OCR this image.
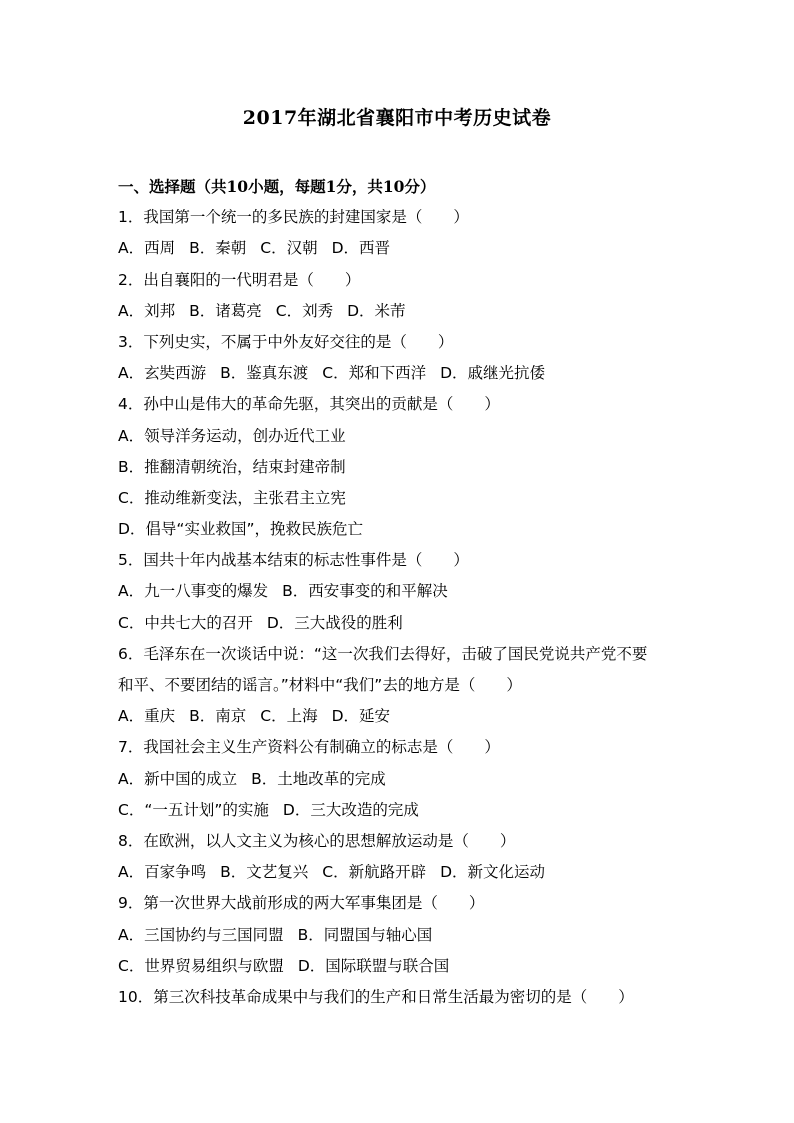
2017年湖北省襄阳市中考历史试卷
一、选择题（共10小题，每题1分，共10分）
1．我国第一个统一的多民族的封建国家是（　　）
A．西周 B．秦朝 C．汉朝 D．西晋
2．出自襄阳的一代明君是（　　）
A．刘邦 B．诸葛亮 C．刘秀 D．米芾
3．下列史实，不属于中外友好交往的是（　　）
A．玄奘西游 B．鉴真东渡 C．郑和下西洋 D．戚继光抗倭
4．孙中山是伟大的革命先驱，其突出的贡献是（　　）
A．领导洋务运动，创办近代工业
B．推翻清朝统治，结束封建帝制
C．推动维新变法，主张君主立宪
D．倡导“实业救国”，挽救民族危亡
5．国共十年内战基本结束的标志性事件是（　　）
A．九一八事变的爆发 B．西安事变的和平解决
C．中共七大的召开 D．三大战役的胜利
6．毛泽东在一次谈话中说：“这一次我们去得好，击破了国民党说共产党不要
和平、不要团结的谣言。”材料中“我们”去的地方是（　　）
A．重庆 B．南京 C．上海 D．延安
7．我国社会主义生产资料公有制确立的标志是（　　）
A．新中国的成立 B．土地改革的完成
C．“一五计划”的实施 D．三大改造的完成
8．在欧洲，以人文主义为核心的思想解放运动是（　　）
A．百家争鸣 B．文艺复兴 C．新航路开辟 D．新文化运动
9．第一次世界大战前形成的两大军事集团是（　　）
A．三国协约与三国同盟 B．同盟国与轴心国
C．世界贸易组织与欧盟 D．国际联盟与联合国
10．第三次科技革命成果中与我们的生产和日常生活最为密切的是（　　）
